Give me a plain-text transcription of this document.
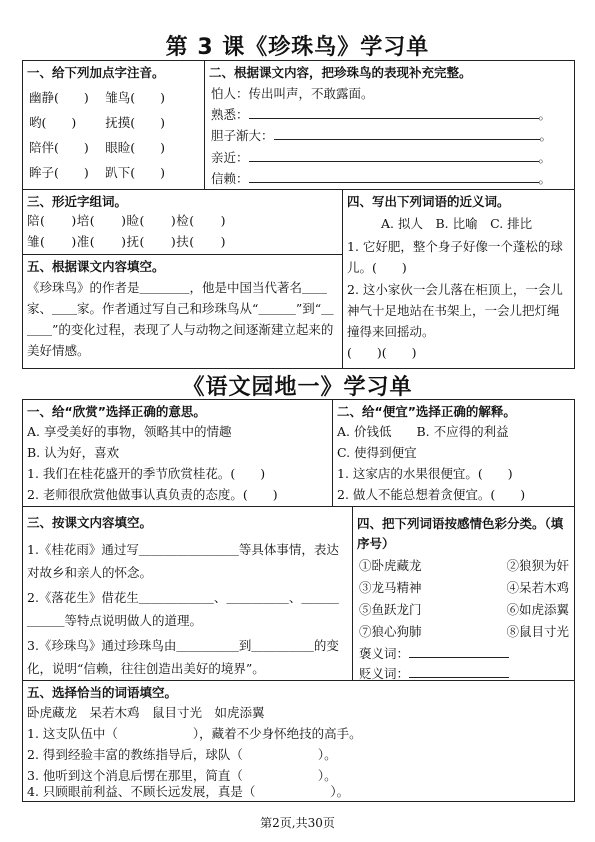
第 3 课《珍珠鸟》学习单
一、给下列加点字注音。
幽静(　　)　 雏鸟(　　)
哟(　　)　　 抚摸(　　)
陪伴(　　)　 眼睑(　　)
眸子(　　)　 趴下(　　)
二、根据课文内容，把珍珠鸟的表现补充完整。
怕人：传出叫声，不敢露面。
熟悉：	。
胆子渐大：	。
亲近：	。
信赖：	。
三、形近字组词。
陪(　　)培(　　)睑(　　)检(　　)
雏(　　)准(　　)抚(　　)扶(　　)
四、写出下列词语的近义词。
A. 拟人　B. 比喻　C. 排比
1. 它好肥，整个身子好像一个蓬松的球儿。(　　)
2. 这小家伙一会儿落在柜顶上，一会儿神气十足地站在书架上，一会儿把灯绳撞得来回摇动。
(　　)(　　)
五、根据课文内容填空。
《珍珠鸟》的作者是＿＿＿＿，他是中国当代著名＿＿家、＿＿家。作者通过写自己和珍珠鸟从“＿＿＿”到“＿＿＿”的变化过程，表现了人与动物之间逐渐建立起来的美好情感。
《语文园地一》学习单
一、给“欣赏”选择正确的意思。
A. 享受美好的事物，领略其中的情趣
B. 认为好，喜欢
1. 我们在桂花盛开的季节欣赏桂花。(　　)
2. 老师很欣赏他做事认真负责的态度。(　　)
二、给“便宜”选择正确的解释。
A. 价钱低　　B. 不应得的利益
C. 使得到便宜
1. 这家店的水果很便宜。(　　)
2. 做人不能总想着贪便宜。(　　)
三、按课文内容填空。
1.《桂花雨》通过写＿＿＿＿＿＿＿＿等具体事情，表达对故乡和亲人的怀念。
2.《落花生》借花生＿＿＿＿＿＿、＿＿＿＿＿、＿＿＿＿＿＿等特点说明做人的道理。
3.《珍珠鸟》通过珍珠鸟由＿＿＿＿＿到＿＿＿＿＿的变化，说明“信赖，往往创造出美好的境界”。
四、把下列词语按感情色彩分类。（填序号）
①卧虎藏龙	②狼狈为奸
③龙马精神	④呆若木鸡
⑤鱼跃龙门	⑥如虎添翼
⑦狼心狗肺	⑧鼠目寸光
褒义词：
贬义词：
五、选择恰当的词语填空。
卧虎藏龙　呆若木鸡　鼠目寸光　如虎添翼
1. 这支队伍中（　　　　　　），藏着不少身怀绝技的高手。
2. 得到经验丰富的教练指导后，球队（　　　　　　）。
3. 他听到这个消息后愣在那里，简直（　　　　　　）。
4. 只顾眼前利益、不顾长远发展，真是（　　　　　　）。
第2页,共30页
